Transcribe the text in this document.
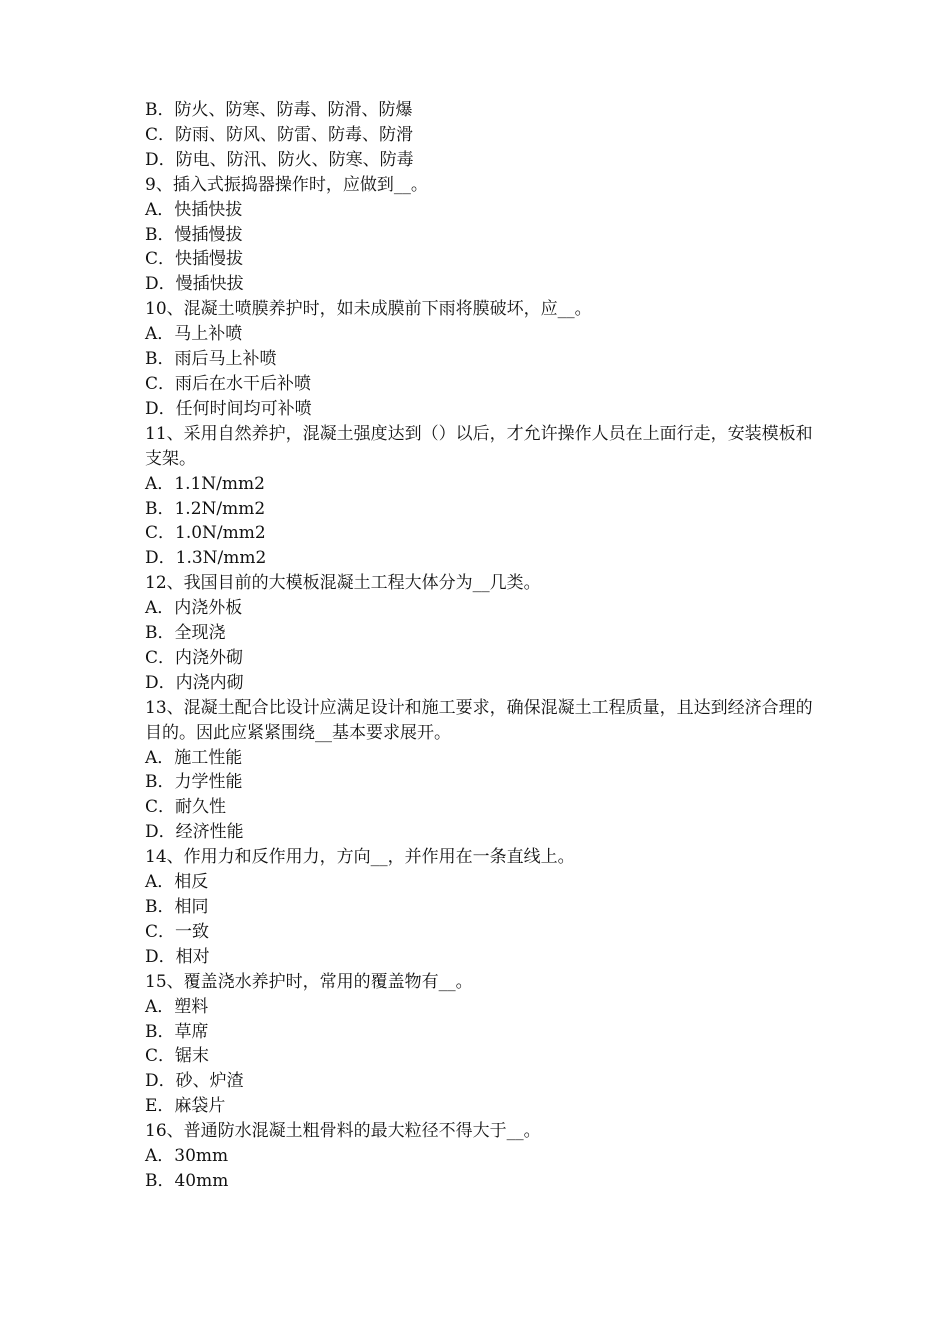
B．防火、防寒、防毒、防滑、防爆

C．防雨、防风、防雷、防毒、防滑

D．防电、防汛、防火、防寒、防毒

9、插入式振捣器操作时，应做到__。

A．快插快拔

B．慢插慢拔

C．快插慢拔

D．慢插快拔

10、混凝土喷膜养护时，如未成膜前下雨将膜破坏，应__。

A．马上补喷

B．雨后马上补喷

C．雨后在水干后补喷

D．任何时间均可补喷

11、采用自然养护，混凝土强度达到（）以后，才允许操作人员在上面行走，安装模板和支架。

A．1.1N/mm2

B．1.2N/mm2

C．1.0N/mm2

D．1.3N/mm2

12、我国目前的大模板混凝土工程大体分为__几类。

A．内浇外板

B．全现浇

C．内浇外砌

D．内浇内砌

13、混凝土配合比设计应满足设计和施工要求，确保混凝土工程质量，且达到经济合理的目的。因此应紧紧围绕__基本要求展开。

A．施工性能

B．力学性能

C．耐久性

D．经济性能

14、作用力和反作用力，方向__，并作用在一条直线上。

A．相反

B．相同

C．一致

D．相对

15、覆盖浇水养护时，常用的覆盖物有__。

A．塑料

B．草席

C．锯末

D．砂、炉渣

E．麻袋片

16、普通防水混凝土粗骨料的最大粒径不得大于__。

A．30mm

B．40mm
